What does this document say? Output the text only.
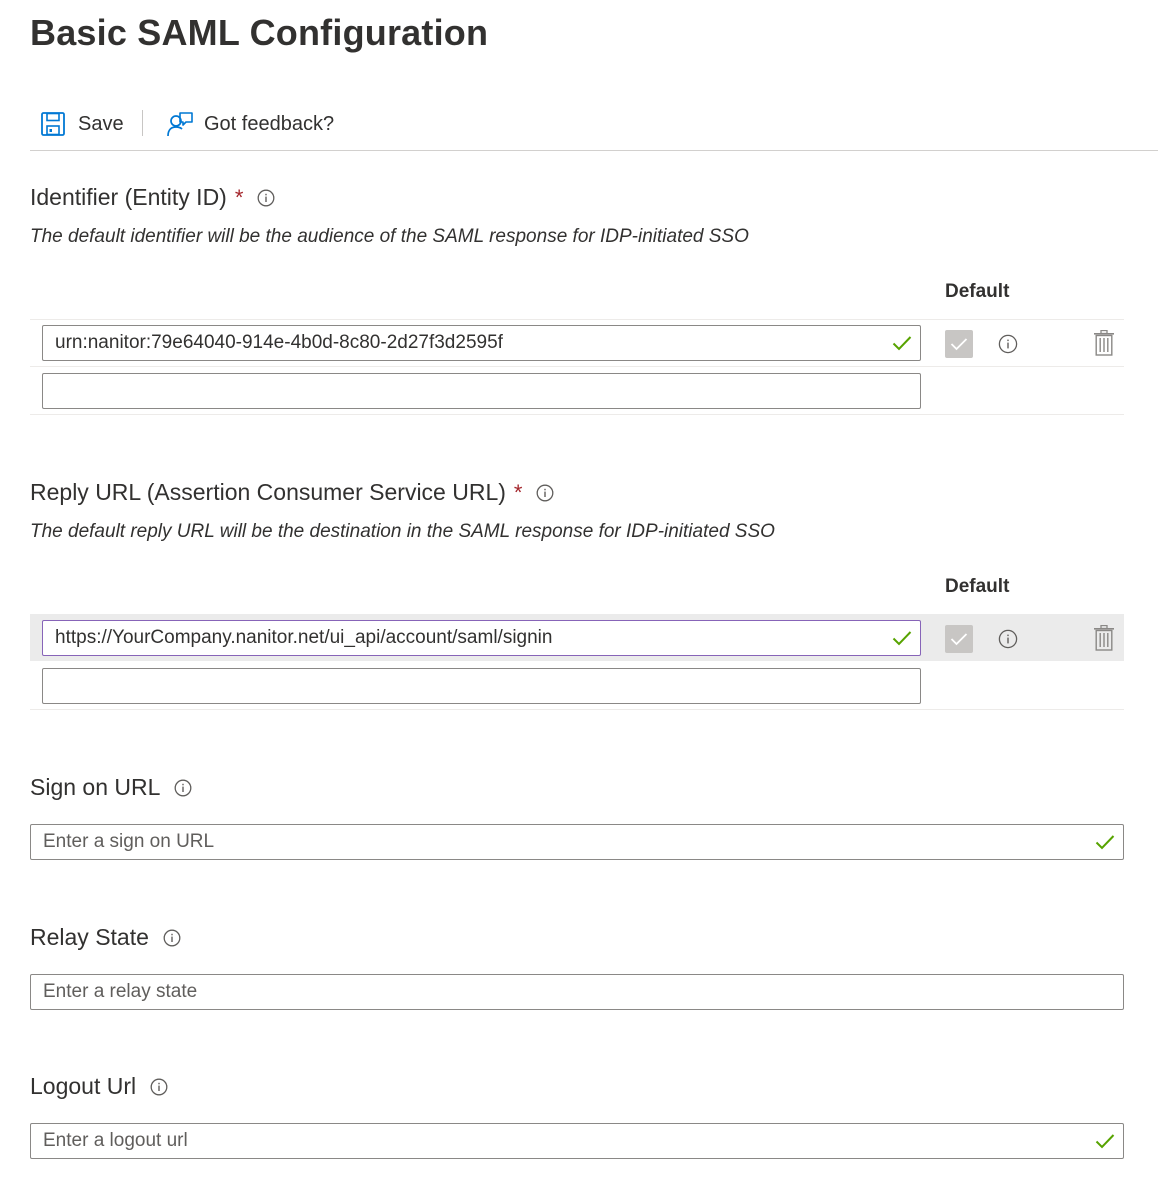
Basic SAML Configuration
Save	Got feedback?
Identifier (Entity ID) *
The default identifier will be the audience of the SAML response for IDP-initiated SSO
Default
urn:nanitor:79e64040-914e-4b0d-8c80-2d27f3d2595f
Reply URL (Assertion Consumer Service URL) *
The default reply URL will be the destination in the SAML response for IDP-initiated SSO
Default
https://YourCompany.nanitor.net/ui_api/account/saml/signin
Sign on URL
Enter a sign on URL
Relay State
Enter a relay state
Logout Url
Enter a logout url
